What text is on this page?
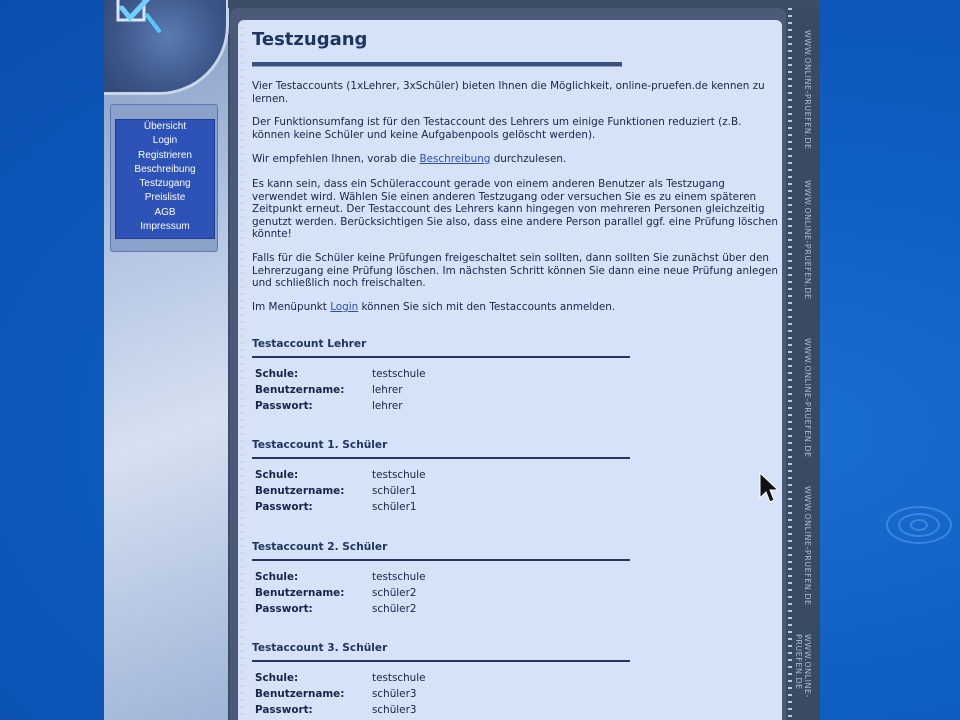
Übersicht
Login
Registrieren
Beschreibung
Testzugang
Preisliste
AGB
Impressum
Testzugang

Vier Testaccounts (1xLehrer, 3xSchüler) bieten Ihnen die Möglichkeit, online-pruefen.de kennen zu lernen.

Der Funktionsumfang ist für den Testaccount des Lehrers um einige Funktionen reduziert (z.B. können keine Schüler und keine Aufgabenpools gelöscht werden).

Wir empfehlen Ihnen, vorab die Beschreibung durchzulesen.

Es kann sein, dass ein Schüleraccount gerade von einem anderen Benutzer als Testzugang verwendet wird. Wählen Sie einen anderen Testzugang oder versuchen Sie es zu einem späteren Zeitpunkt erneut. Der Testaccount des Lehrers kann hingegen von mehreren Personen gleichzeitig genutzt werden. Berücksichtigen Sie also, dass eine andere Person parallel ggf. eine Prüfung löschen könnte!

Falls für die Schüler keine Prüfungen freigeschaltet sein sollten, dann sollten Sie zunächst über den Lehrerzugang eine Prüfung löschen. Im nächsten Schritt können Sie dann eine neue Prüfung anlegen und schließlich noch freischalten.

Im Menüpunkt Login können Sie sich mit den Testaccounts anmelden.

Testaccount Lehrer
Schule:	testschule
Benutzername:	lehrer
Passwort:	lehrer
Testaccount 1. Schüler
Schule:	testschule
Benutzername:	schüler1
Passwort:	schüler1
Testaccount 2. Schüler
Schule:	testschule
Benutzername:	schüler2
Passwort:	schüler2
Testaccount 3. Schüler
Schule:	testschule
Benutzername:	schüler3
Passwort:	schüler3
WWW.ONLINE-PRUEFEN.DE
WWW.ONLINE-PRUEFEN.DE
WWW.ONLINE-PRUEFEN.DE
WWW.ONLINE-PRUEFEN.DE
WWW.ONLINE-PRUEFEN.DE
